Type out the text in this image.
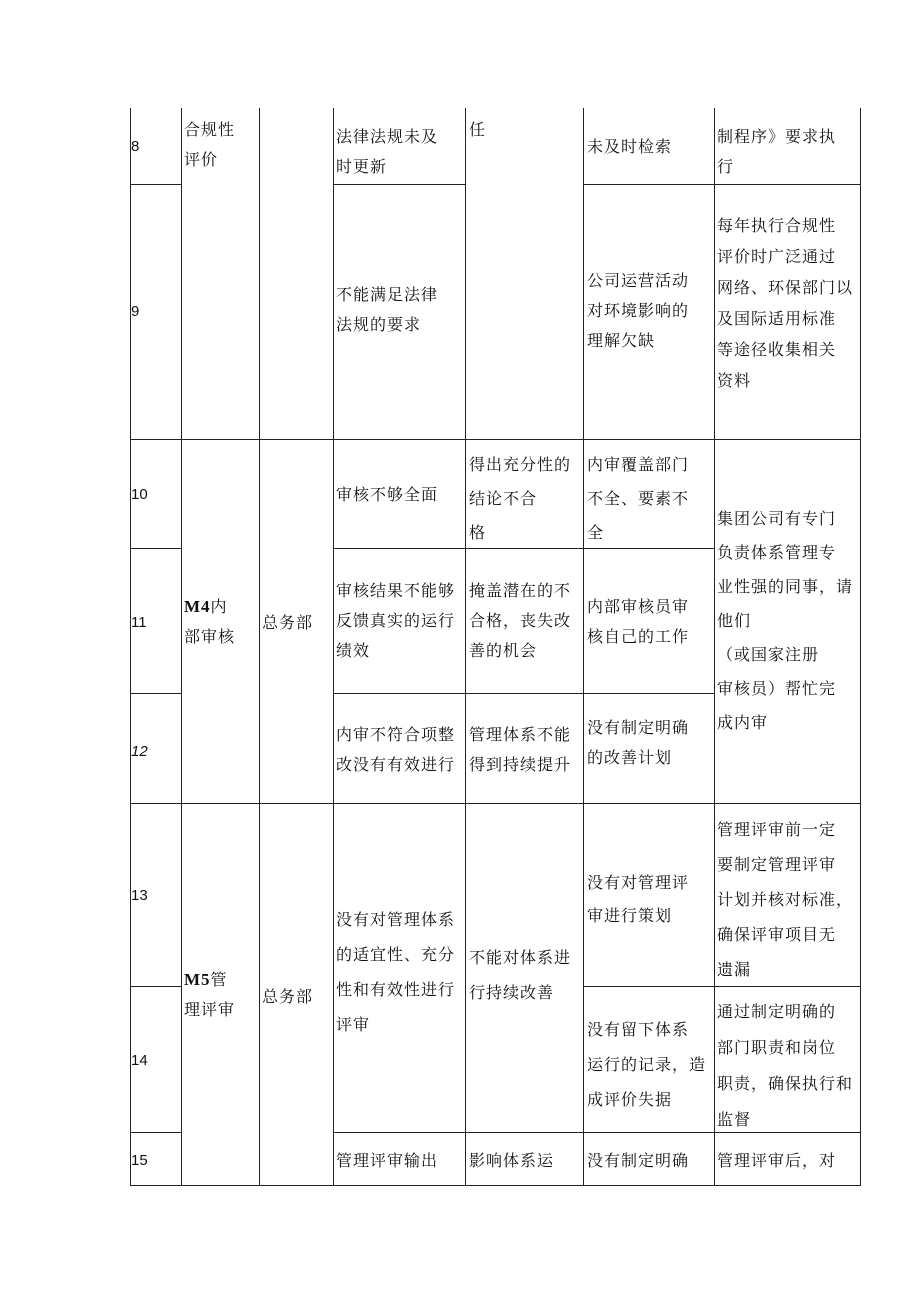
8
合规性
评价
法律法规未及
时更新
任
未及时检索
制程序》要求执
行
9
不能满足法律
法规的要求
公司运营活动
对环境影响的
理解欠缺
每年执行合规性
评价时广泛通过
网络、环保部门以
及国际适用标准
等途径收集相关
资料
M4内
部审核
总务部
集团公司有专门
负责体系管理专
业性强的同事，请
他们
（或国家注册
审核员）帮忙完
成内审
10	审核不够全面
得出充分性的
结论不合
格
内审覆盖部门
不全、要素不
全
11
审核结果不能够
反馈真实的运行
绩效
掩盖潜在的不
合格，丧失改
善的机会
内部审核员审
核自己的工作
12
内审不符合项整
改没有有效进行
管理体系不能
得到持续提升
没有制定明确
的改善计划
M5管
理评审
总务部
没有对管理体系
的适宜性、充分
性和有效性进行
评审
不能对体系进
行持续改善
13
没有对管理评
审进行策划
管理评审前一定
要制定管理评审
计划并核对标准，
确保评审项目无
遗漏
14
没有留下体系
运行的记录，造
成评价失据
通过制定明确的
部门职责和岗位
职责，确保执行和
监督
15	管理评审输出 影响体系运 没有制定明确 管理评审后，对
